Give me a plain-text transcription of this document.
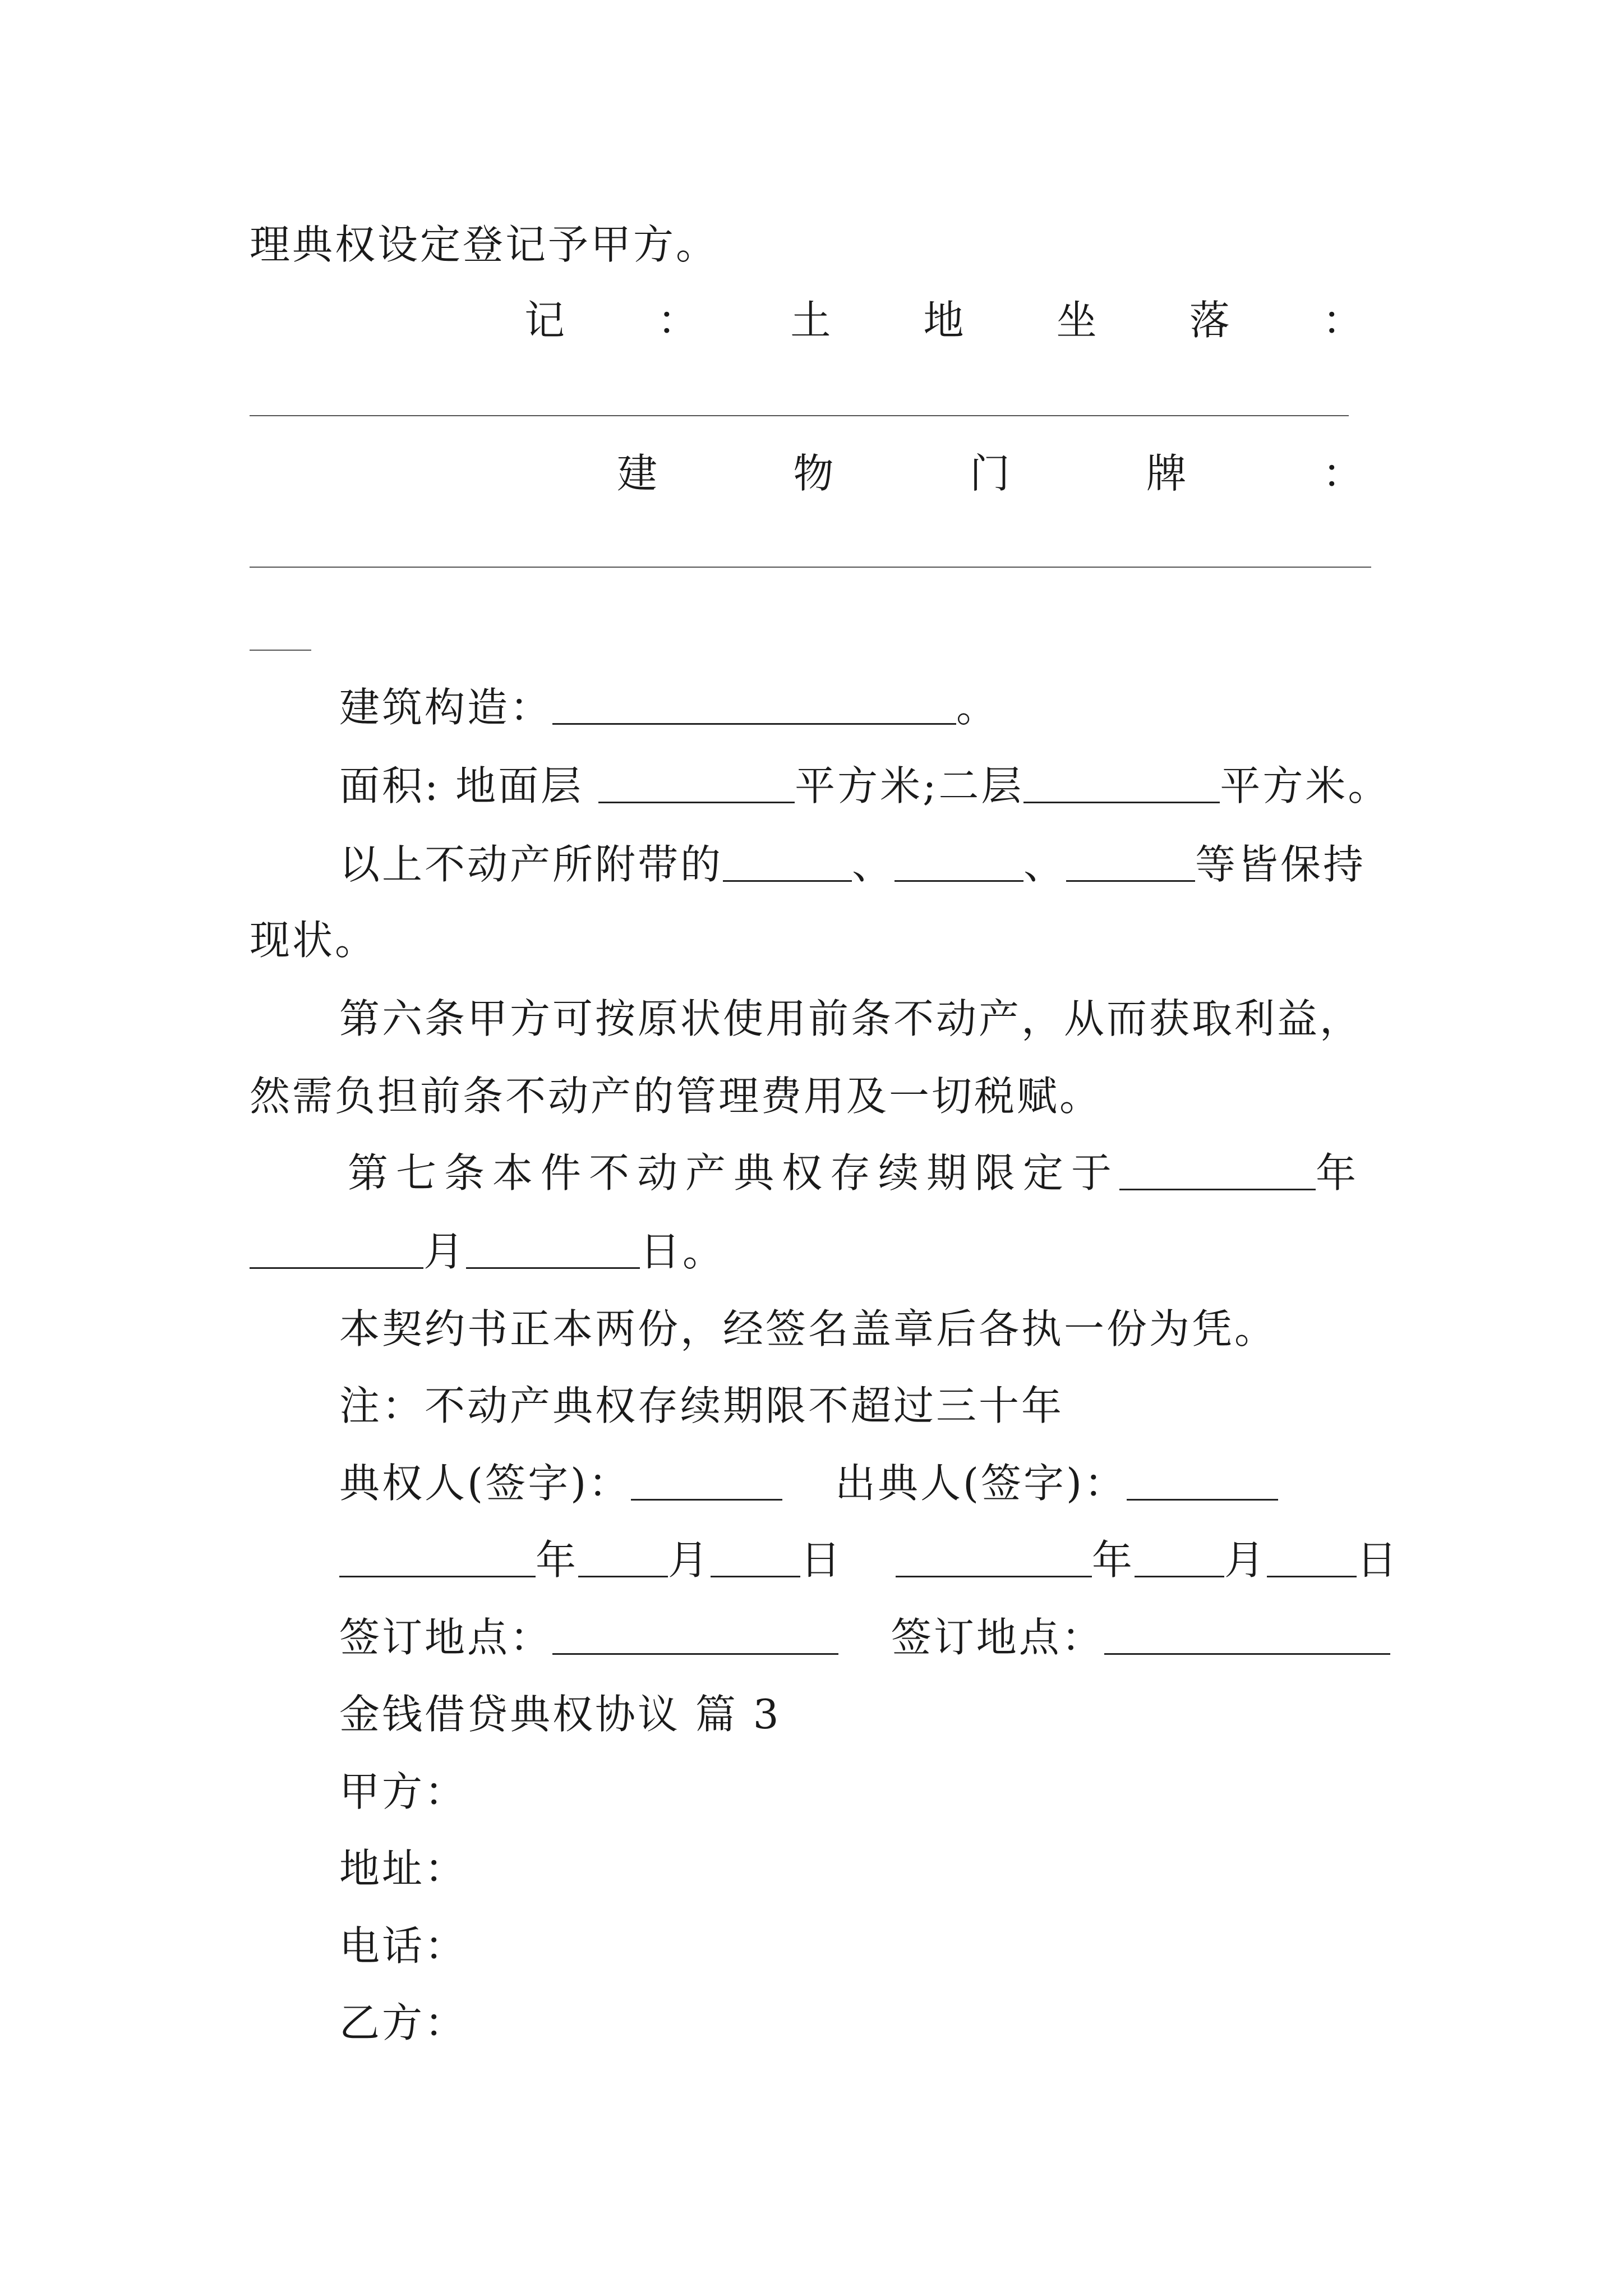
理典权设定登记予甲方。
记 ： 土 地 坐 落 ：
建	物	门	牌	：
建筑构造：	。
面积: 地面层	平方米;二层	平方米。
以上不动产所附带的	、	、	等皆保持
现状。
第六条甲方可按原状使用前条不动产，从而获取利益，
然需负担前条不动产的管理费用及一切税赋。
第七条本件不动产典权存续期限定于	年
月	日。
本契约书正本两份，经签名盖章后各执一份为凭。
注：不动产典权存续期限不超过三十年
典权人(签字)：	出典人(签字)：
年 月 日	年 月 日
签订地点：	签订地点：
金钱借贷典权协议 篇 3
甲方：
地址：
电话：
乙方：
